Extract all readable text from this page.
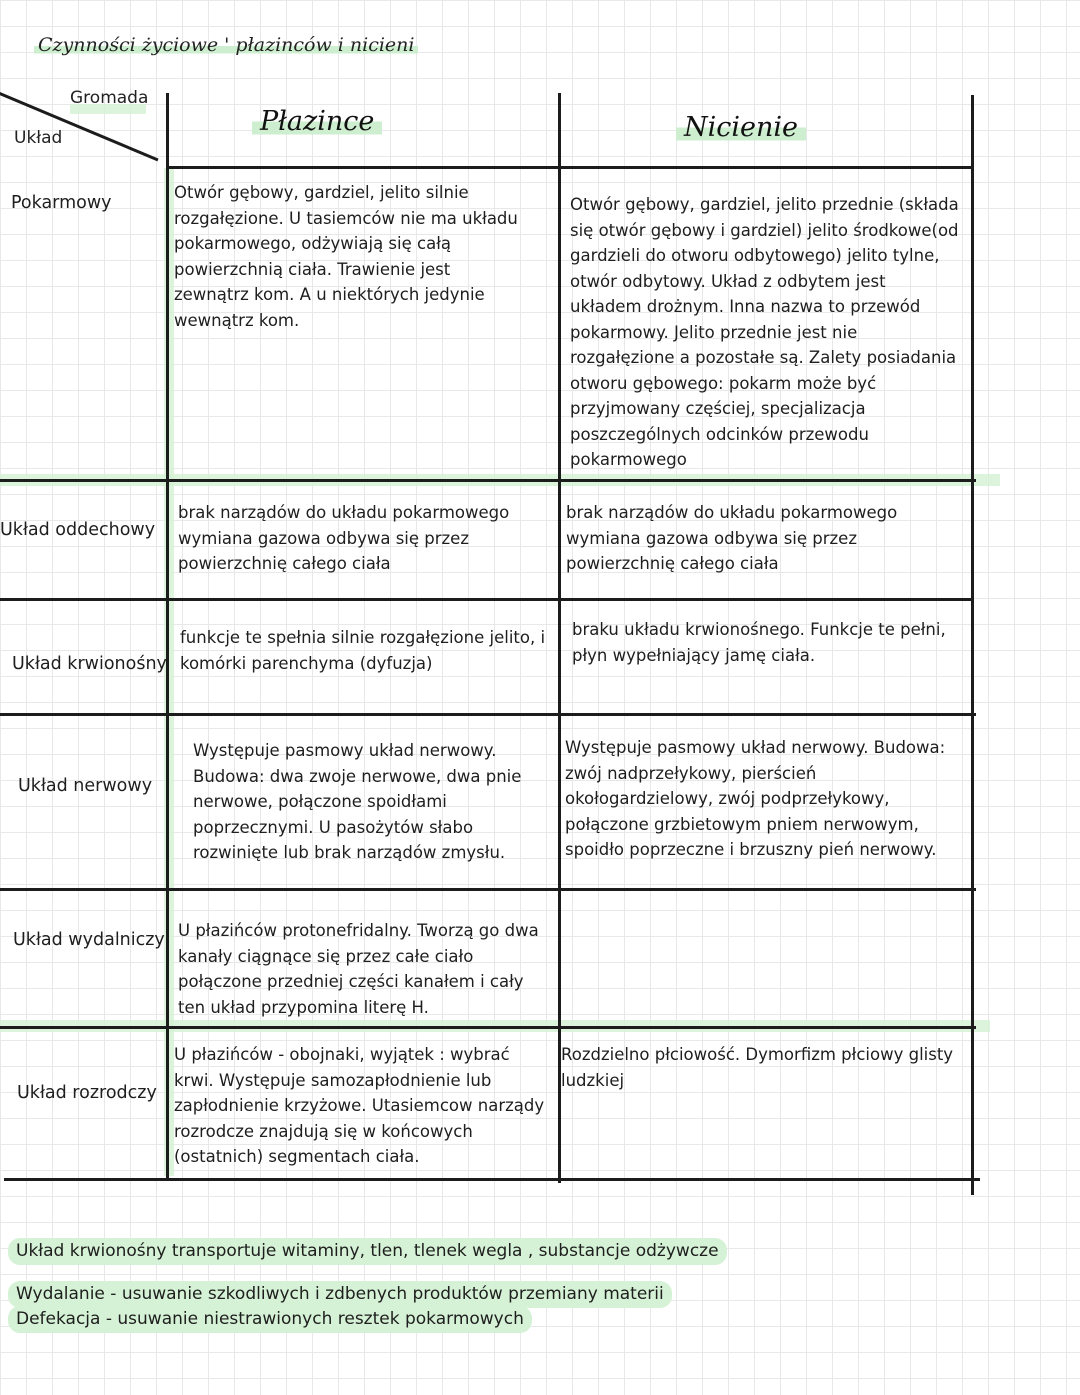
Czynności życiowe ' płazinców i nicieni
Gromada
Układ
Płazince	Nicienie
Pokarmowy
Układ oddechowy
Układ krwionośny
Układ nerwowy
Układ wydalniczy
Układ rozrodczy
Otwór gębowy, gardziel, jelito silnie rozgałęzione. U tasiemców nie ma układu pokarmowego, odżywiają się całą powierzchnią ciała. Trawienie jest zewnątrz kom. A u niektórych jedynie wewnątrz kom.
brak narządów do układu pokarmowego wymiana gazowa odbywa się przez powierzchnię całego ciała
funkcje te spełnia silnie rozgałęzione jelito, i komórki parenchyma (dyfuzja)
Występuje pasmowy układ nerwowy. Budowa: dwa zwoje nerwowe, dwa pnie nerwowe, połączone spoidłami poprzecznymi. U pasożytów słabo rozwinięte lub brak narządów zmysłu.
U płazińców protonefridalny. Tworzą go dwa kanały ciągnące się przez całe ciało połączone przedniej części kanałem i cały ten układ przypomina literę H.
U płazińców - obojnaki, wyjątek : wybrać krwi. Występuje samozapłodnienie lub zapłodnienie krzyżowe. Utasiemcow narządy rozrodcze znajdują się w końcowych (ostatnich) segmentach ciała.
Otwór gębowy, gardziel, jelito przednie (składa się otwór gębowy i gardziel) jelito środkowe(od gardzieli do otworu odbytowego) jelito tylne, otwór odbytowy. Układ z odbytem jest układem drożnym. Inna nazwa to przewód pokarmowy. Jelito przednie jest nie rozgałęzione a pozostałe są. Zalety posiadania otworu gębowego: pokarm może być przyjmowany częściej, specjalizacja poszczególnych odcinków przewodu pokarmowego
brak narządów do układu pokarmowego wymiana gazowa odbywa się przez powierzchnię całego ciała
braku układu krwionośnego. Funkcje te pełni, płyn wypełniający jamę ciała.
Występuje pasmowy układ nerwowy. Budowa: zwój nadprzełykowy, pierścień okołogardzielowy, zwój podprzełykowy, połączone grzbietowym pniem nerwowym, spoidło poprzeczne i brzuszny pień nerwowy.
Rozdzielno płciowość. Dymorfizm płciowy glisty ludzkiej
Układ krwionośny transportuje witaminy, tlen, tlenek wegla , substancje odżywcze
Wydalanie - usuwanie szkodliwych i zdbenych produktów przemiany materii
Defekacja - usuwanie niestrawionych resztek pokarmowych
